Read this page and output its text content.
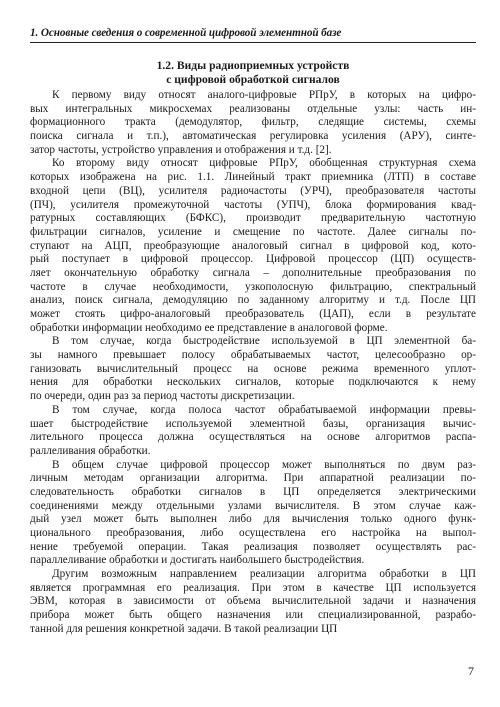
1. Основные сведения о современной цифровой элементной базе
1.2. Виды радиоприемных устройств
с цифровой обработкой сигналов
К первому виду относят аналого-цифровые РПрУ, в которых на цифро-
вых интегральных микросхемах реализованы отдельные узлы: часть ин-
формационного тракта (демодулятор, фильтр, следящие системы, схемы
поиска сигнала и т.п.), автоматическая регулировка усиления (АРУ), синте-
затор частоты, устройство управления и отображения и т.д. [2].
Ко второму виду относят цифровые РПрУ, обобщенная структурная схема
которых изображена на рис. 1.1. Линейный тракт приемника (ЛТП) в составе
входной цепи (ВЦ), усилителя радиочастоты (УРЧ), преобразователя частоты
(ПЧ), усилителя промежуточной частоты (УПЧ), блока формирования квад-
ратурных составляющих (БФКС), производит предварительную частотную
фильтрации сигналов, усиление и смещение по частоте. Далее сигналы по-
ступают на АЦП, преобразующие аналоговый сигнал в цифровой код, кото-
рый поступает в цифровой процессор. Цифровой процессор (ЦП) осуществ-
ляет окончательную обработку сигнала – дополнительные преобразования по
частоте в случае необходимости, узкополосную фильтрацию, спектральный
анализ, поиск сигнала, демодуляцию по заданному алгоритму и т.д. После ЦП
может стоять цифро-аналоговый преобразователь (ЦАП), если в результате
обработки информации необходимо ее представление в аналоговой форме.
В том случае, когда быстродействие используемой в ЦП элементной ба-
зы намного превышает полосу обрабатываемых частот, целесообразно ор-
ганизовать вычислительный процесс на основе режима временного уплот-
нения для обработки нескольких сигналов, которые подключаются к нему
по очереди, один раз за период частоты дискретизации.
В том случае, когда полоса частот обрабатываемой информации превы-
шает быстродействие используемой элементной базы, организация вычис-
лительного процесса должна осуществляться на основе алгоритмов распа-
раллеливания обработки.
В общем случае цифровой процессор может выполняться по двум раз-
личным методам организации алгоритма. При аппаратной реализации по-
следовательность обработки сигналов в ЦП определяется электрическими
соединениями между отдельными узлами вычислителя. В этом случае каж-
дый узел может быть выполнен либо для вычисления только одного функ-
ционального преобразования, либо осуществлена его настройка на выпол-
нение требуемой операции. Такая реализация позволяет осуществлять рас-
параллеливание обработки и достигать наибольшего быстродействия.
Другим возможным направлением реализации алгоритма обработки в ЦП
является программная его реализация. При этом в качестве ЦП используется
ЭВМ, которая в зависимости от объема вычислительной задачи и назначения
прибора может быть общего назначения или специализированной, разрабо-
танной для решения конкретной задачи. В такой реализации ЦП
7
